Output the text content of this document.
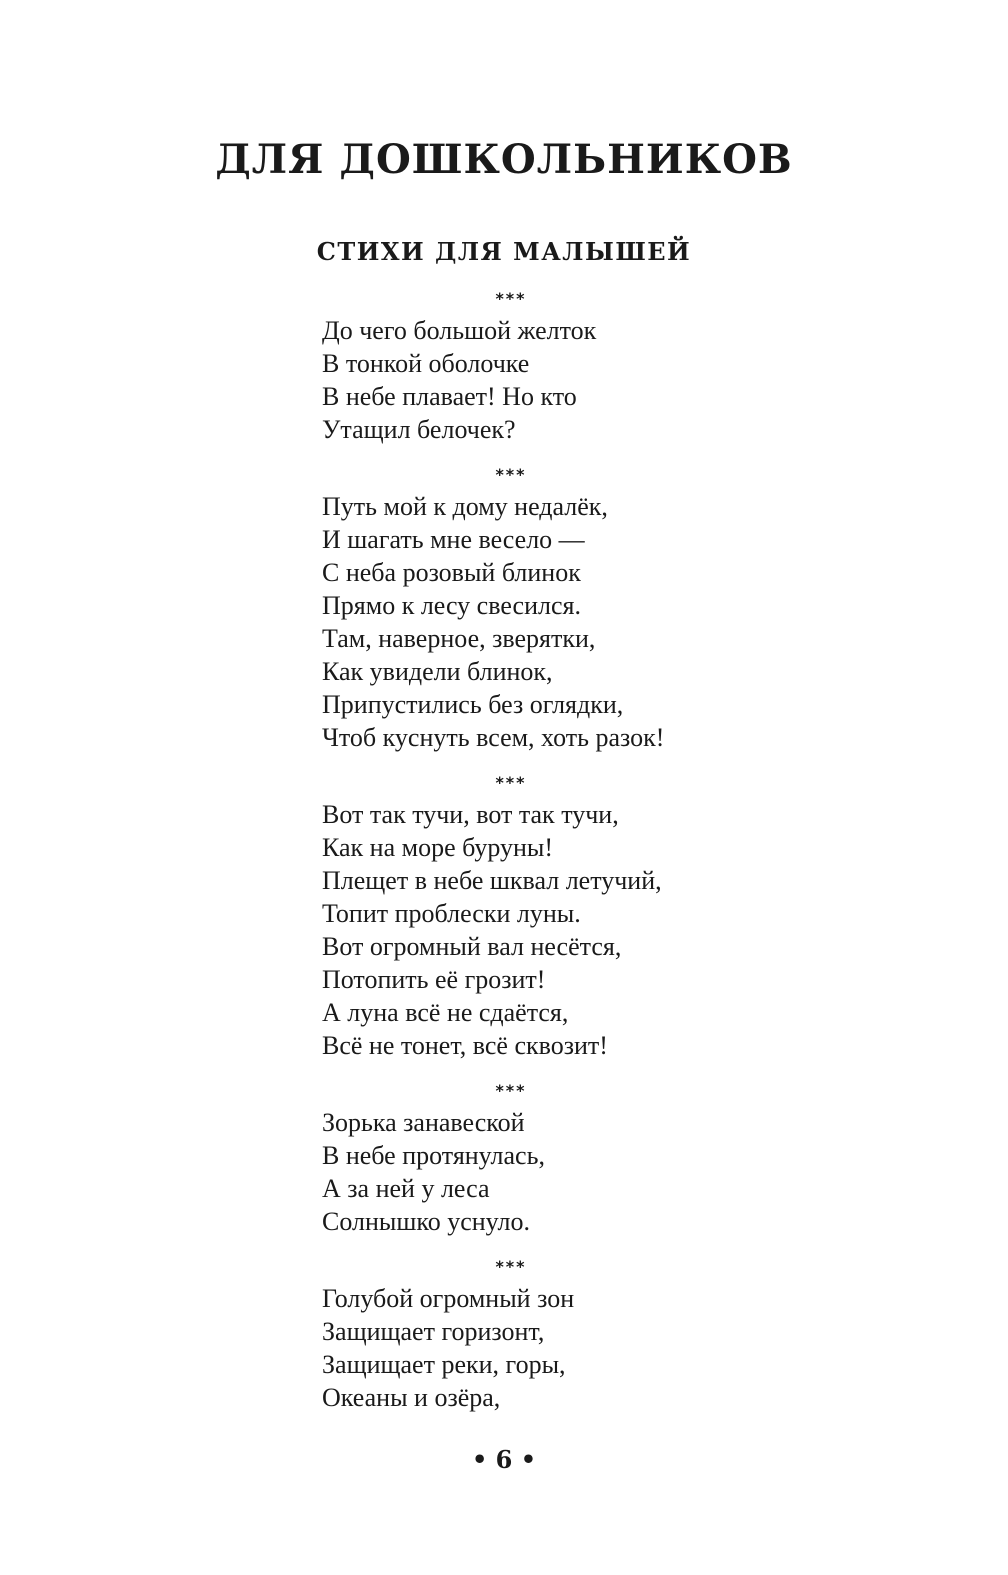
ДЛЯ ДОШКОЛЬНИКОВ
СТИХИ ДЛЯ МАЛЫШЕЙ
***
До чего большой желток
В тонкой оболочке
В небе плавает! Но кто
Утащил белочек?
***
Путь мой к дому недалёк,
И шагать мне весело —
С неба розовый блинок
Прямо к лесу свесился.
Там, наверное, зверятки,
Как увидели блинок,
Припустились без оглядки,
Чтоб куснуть всем, хоть разок!
***
Вот так тучи, вот так тучи,
Как на море буруны!
Плещет в небе шквал летучий,
Топит проблески луны.
Вот огромный вал несётся,
Потопить её грозит!
А луна всё не сдаётся,
Всё не тонет, всё сквозит!
***
Зорька занавеской
В небе протянулась,
А за ней у леса
Солнышко уснуло.
***
Голубой огромный зон
Защищает горизонт,
Защищает реки, горы,
Океаны и озёра,
• 6 •
